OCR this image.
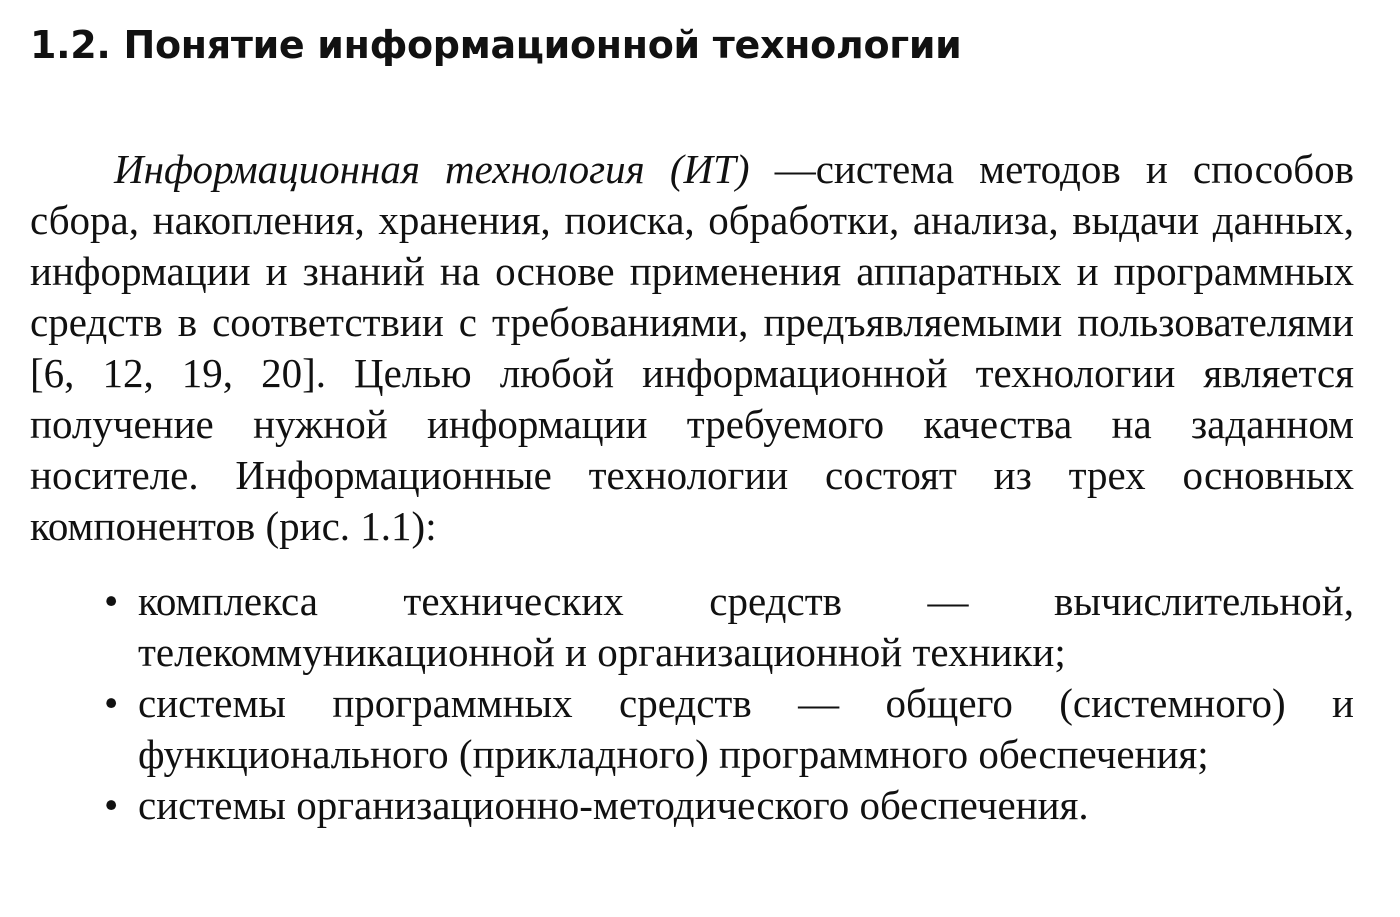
1.2. Понятие информационной технологии

Информационная технология (ИТ) —система методов и способов сбора, накопления, хранения, поиска, обработки, анализа, выдачи данных, информации и знаний на основе применения аппаратных и программных средств в соответствии с требованиями, предъявляемыми пользователями [6, 12, 19, 20]. Целью любой информационной технологии является получение нужной информации требуемого качества на заданном носителе. Информационные технологии состоят из трех основных компонентов (рис. 1.1):

• комплекса технических средств — вычислительной, телекоммуникационной и организационной техники;
• системы программных средств — общего (системного) и функционального (прикладного) программного обеспечения;
• системы организационно-методического обеспечения.
